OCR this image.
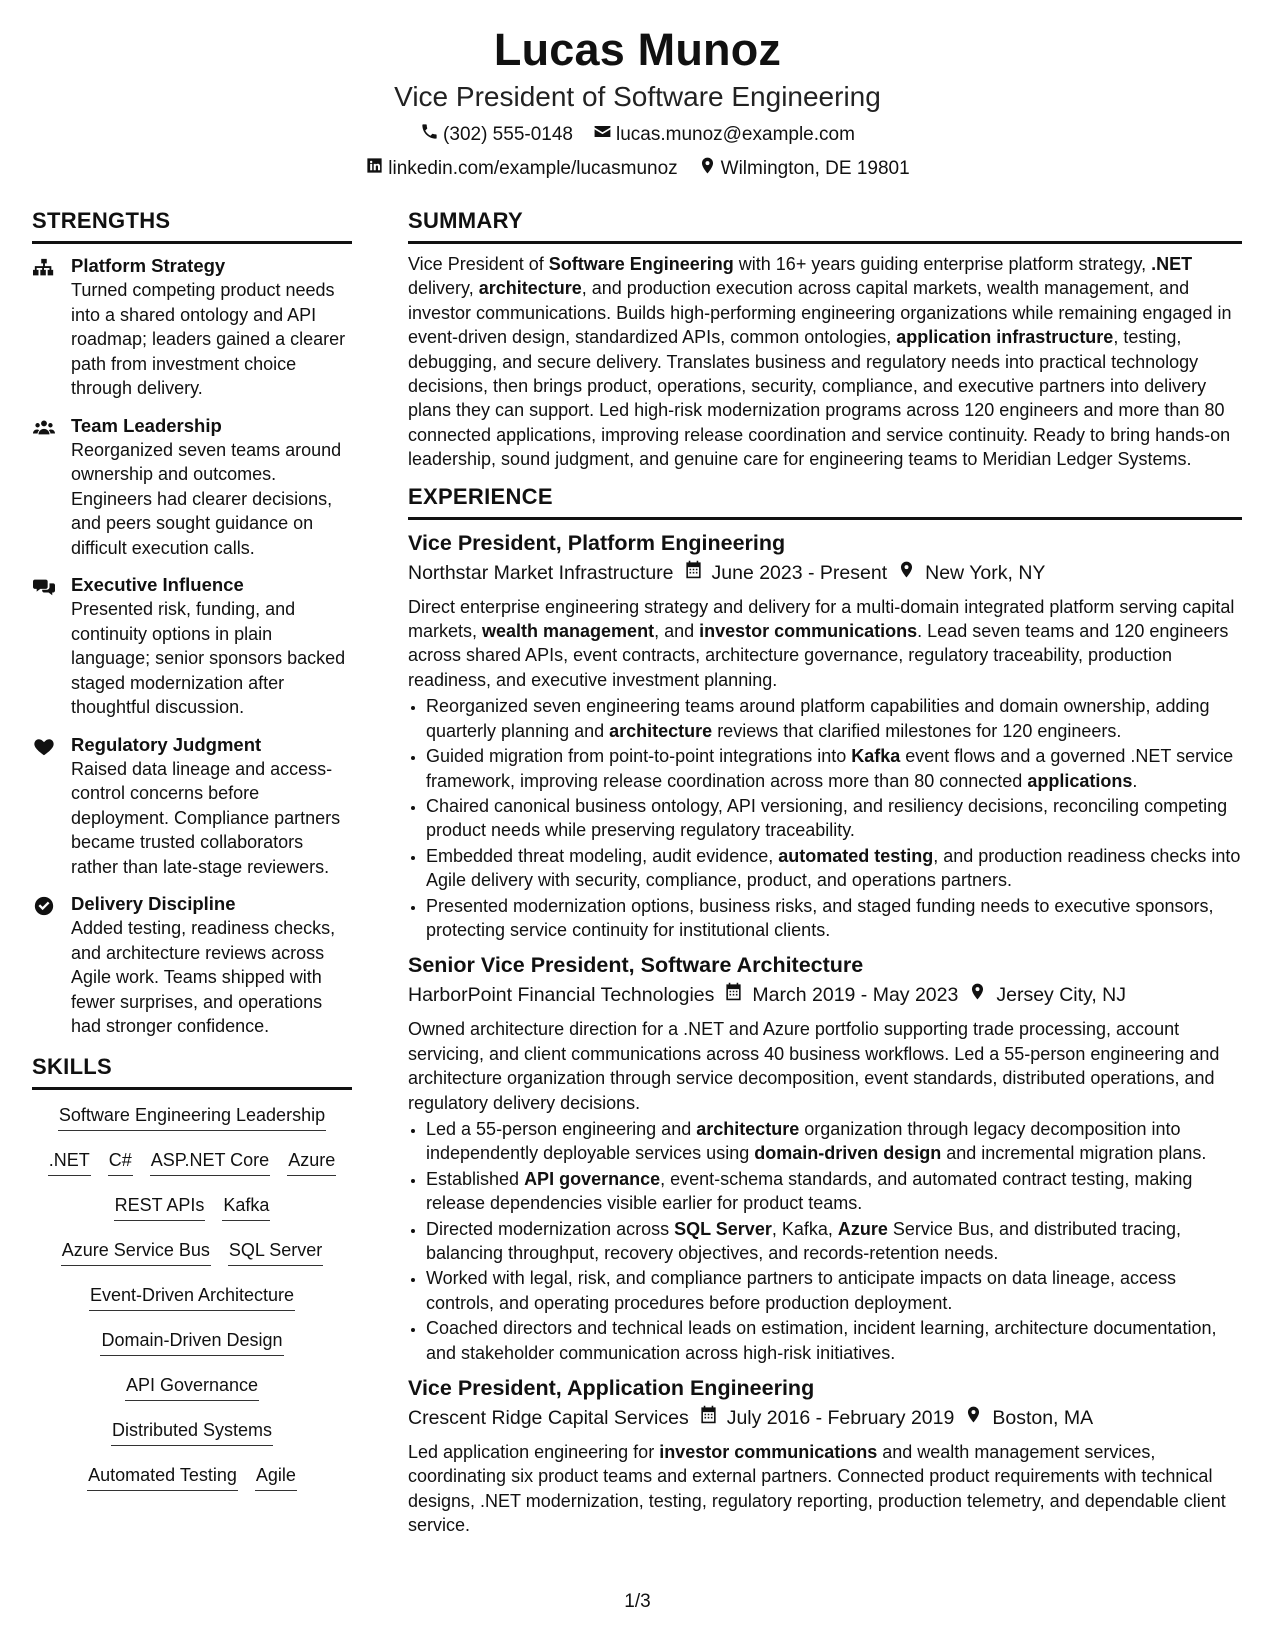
Lucas Munoz
Vice President of Software Engineering
(302) 555-0148 lucas.munoz@example.com
linkedin.com/example/lucasmunoz Wilmington, DE 19801
STRENGTHS
Platform Strategy
Turned competing product needs into a shared ontology and API roadmap; leaders gained a clearer path from investment choice through delivery.
Team Leadership
Reorganized seven teams around ownership and outcomes. Engineers had clearer decisions, and peers sought guidance on difficult execution calls.
Executive Influence
Presented risk, funding, and continuity options in plain language; senior sponsors backed staged modernization after thoughtful discussion.
Regulatory Judgment
Raised data lineage and access-control concerns before deployment. Compliance partners became trusted collaborators rather than late-stage reviewers.
Delivery Discipline
Added testing, readiness checks, and architecture reviews across Agile work. Teams shipped with fewer surprises, and operations had stronger confidence.
SKILLS
Software Engineering Leadership
.NET C# ASP.NET Core Azure
REST APIs Kafka
Azure Service Bus SQL Server
Event-Driven Architecture
Domain-Driven Design
API Governance
Distributed Systems
Automated Testing Agile
SUMMARY
Vice President of Software Engineering with 16+ years guiding enterprise platform strategy, .NET delivery, architecture, and production execution across capital markets, wealth management, and investor communications. Builds high-performing engineering organizations while remaining engaged in event-driven design, standardized APIs, common ontologies, application infrastructure, testing, debugging, and secure delivery. Translates business and regulatory needs into practical technology decisions, then brings product, operations, security, compliance, and executive partners into delivery plans they can support. Led high-risk modernization programs across 120 engineers and more than 80 connected applications, improving release coordination and service continuity. Ready to bring hands-on leadership, sound judgment, and genuine care for engineering teams to Meridian Ledger Systems.
EXPERIENCE
Vice President, Platform Engineering
Northstar Market Infrastructure June 2023 - Present New York, NY
Direct enterprise engineering strategy and delivery for a multi-domain integrated platform serving capital markets, wealth management, and investor communications. Lead seven teams and 120 engineers across shared APIs, event contracts, architecture governance, regulatory traceability, production readiness, and executive investment planning.
• Reorganized seven engineering teams around platform capabilities and domain ownership, adding quarterly planning and architecture reviews that clarified milestones for 120 engineers.
• Guided migration from point-to-point integrations into Kafka event flows and a governed .NET service framework, improving release coordination across more than 80 connected applications.
• Chaired canonical business ontology, API versioning, and resiliency decisions, reconciling competing product needs while preserving regulatory traceability.
• Embedded threat modeling, audit evidence, automated testing, and production readiness checks into Agile delivery with security, compliance, product, and operations partners.
• Presented modernization options, business risks, and staged funding needs to executive sponsors, protecting service continuity for institutional clients.
Senior Vice President, Software Architecture
HarborPoint Financial Technologies March 2019 - May 2023 Jersey City, NJ
Owned architecture direction for a .NET and Azure portfolio supporting trade processing, account servicing, and client communications across 40 business workflows. Led a 55-person engineering and architecture organization through service decomposition, event standards, distributed operations, and regulatory delivery decisions.
• Led a 55-person engineering and architecture organization through legacy decomposition into independently deployable services using domain-driven design and incremental migration plans.
• Established API governance, event-schema standards, and automated contract testing, making release dependencies visible earlier for product teams.
• Directed modernization across SQL Server, Kafka, Azure Service Bus, and distributed tracing, balancing throughput, recovery objectives, and records-retention needs.
• Worked with legal, risk, and compliance partners to anticipate impacts on data lineage, access controls, and operating procedures before production deployment.
• Coached directors and technical leads on estimation, incident learning, architecture documentation, and stakeholder communication across high-risk initiatives.
Vice President, Application Engineering
Crescent Ridge Capital Services July 2016 - February 2019 Boston, MA
Led application engineering for investor communications and wealth management services, coordinating six product teams and external partners. Connected product requirements with technical designs, .NET modernization, testing, regulatory reporting, production telemetry, and dependable client service.
1/3
